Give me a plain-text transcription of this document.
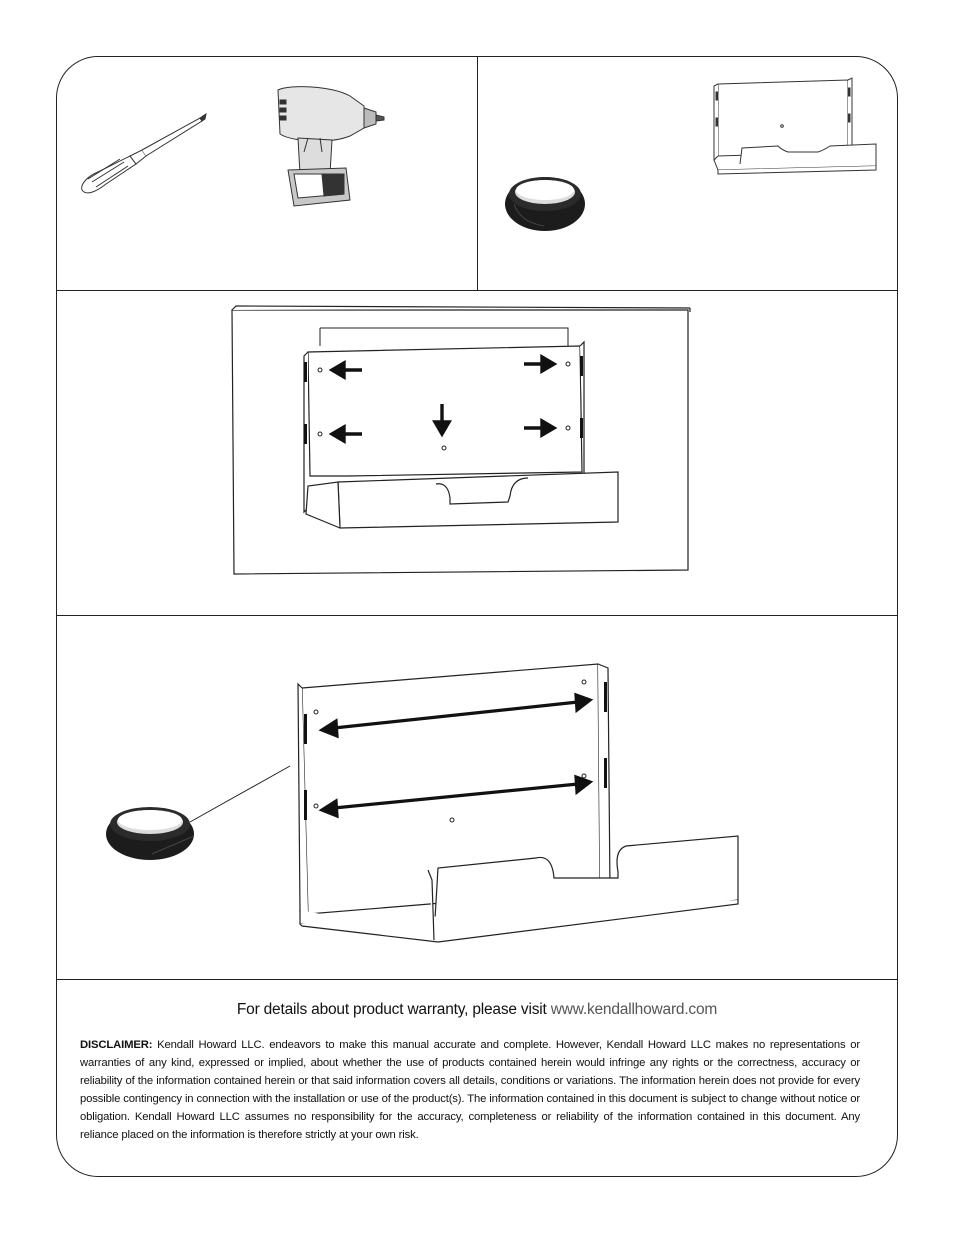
For details about product warranty, please visit www.kendallhoward.com
DISCLAIMER: Kendall Howard LLC. endeavors to make this manual accurate and complete. However, Kendall Howard LLC makes no representations or warranties of any kind, expressed or implied, about whether the use of products contained herein would infringe any rights or the correctness, accuracy or reliability of the information contained herein or that said information covers all details, conditions or variations. The information herein does not provide for every possible contingency in connection with the installation or use of the product(s). The information contained in this document is subject to change without notice or obligation. Kendall Howard LLC assumes no responsibility for the accuracy, completeness or reliability of the information contained in this document. Any reliance placed on the information is therefore strictly at your own risk.
